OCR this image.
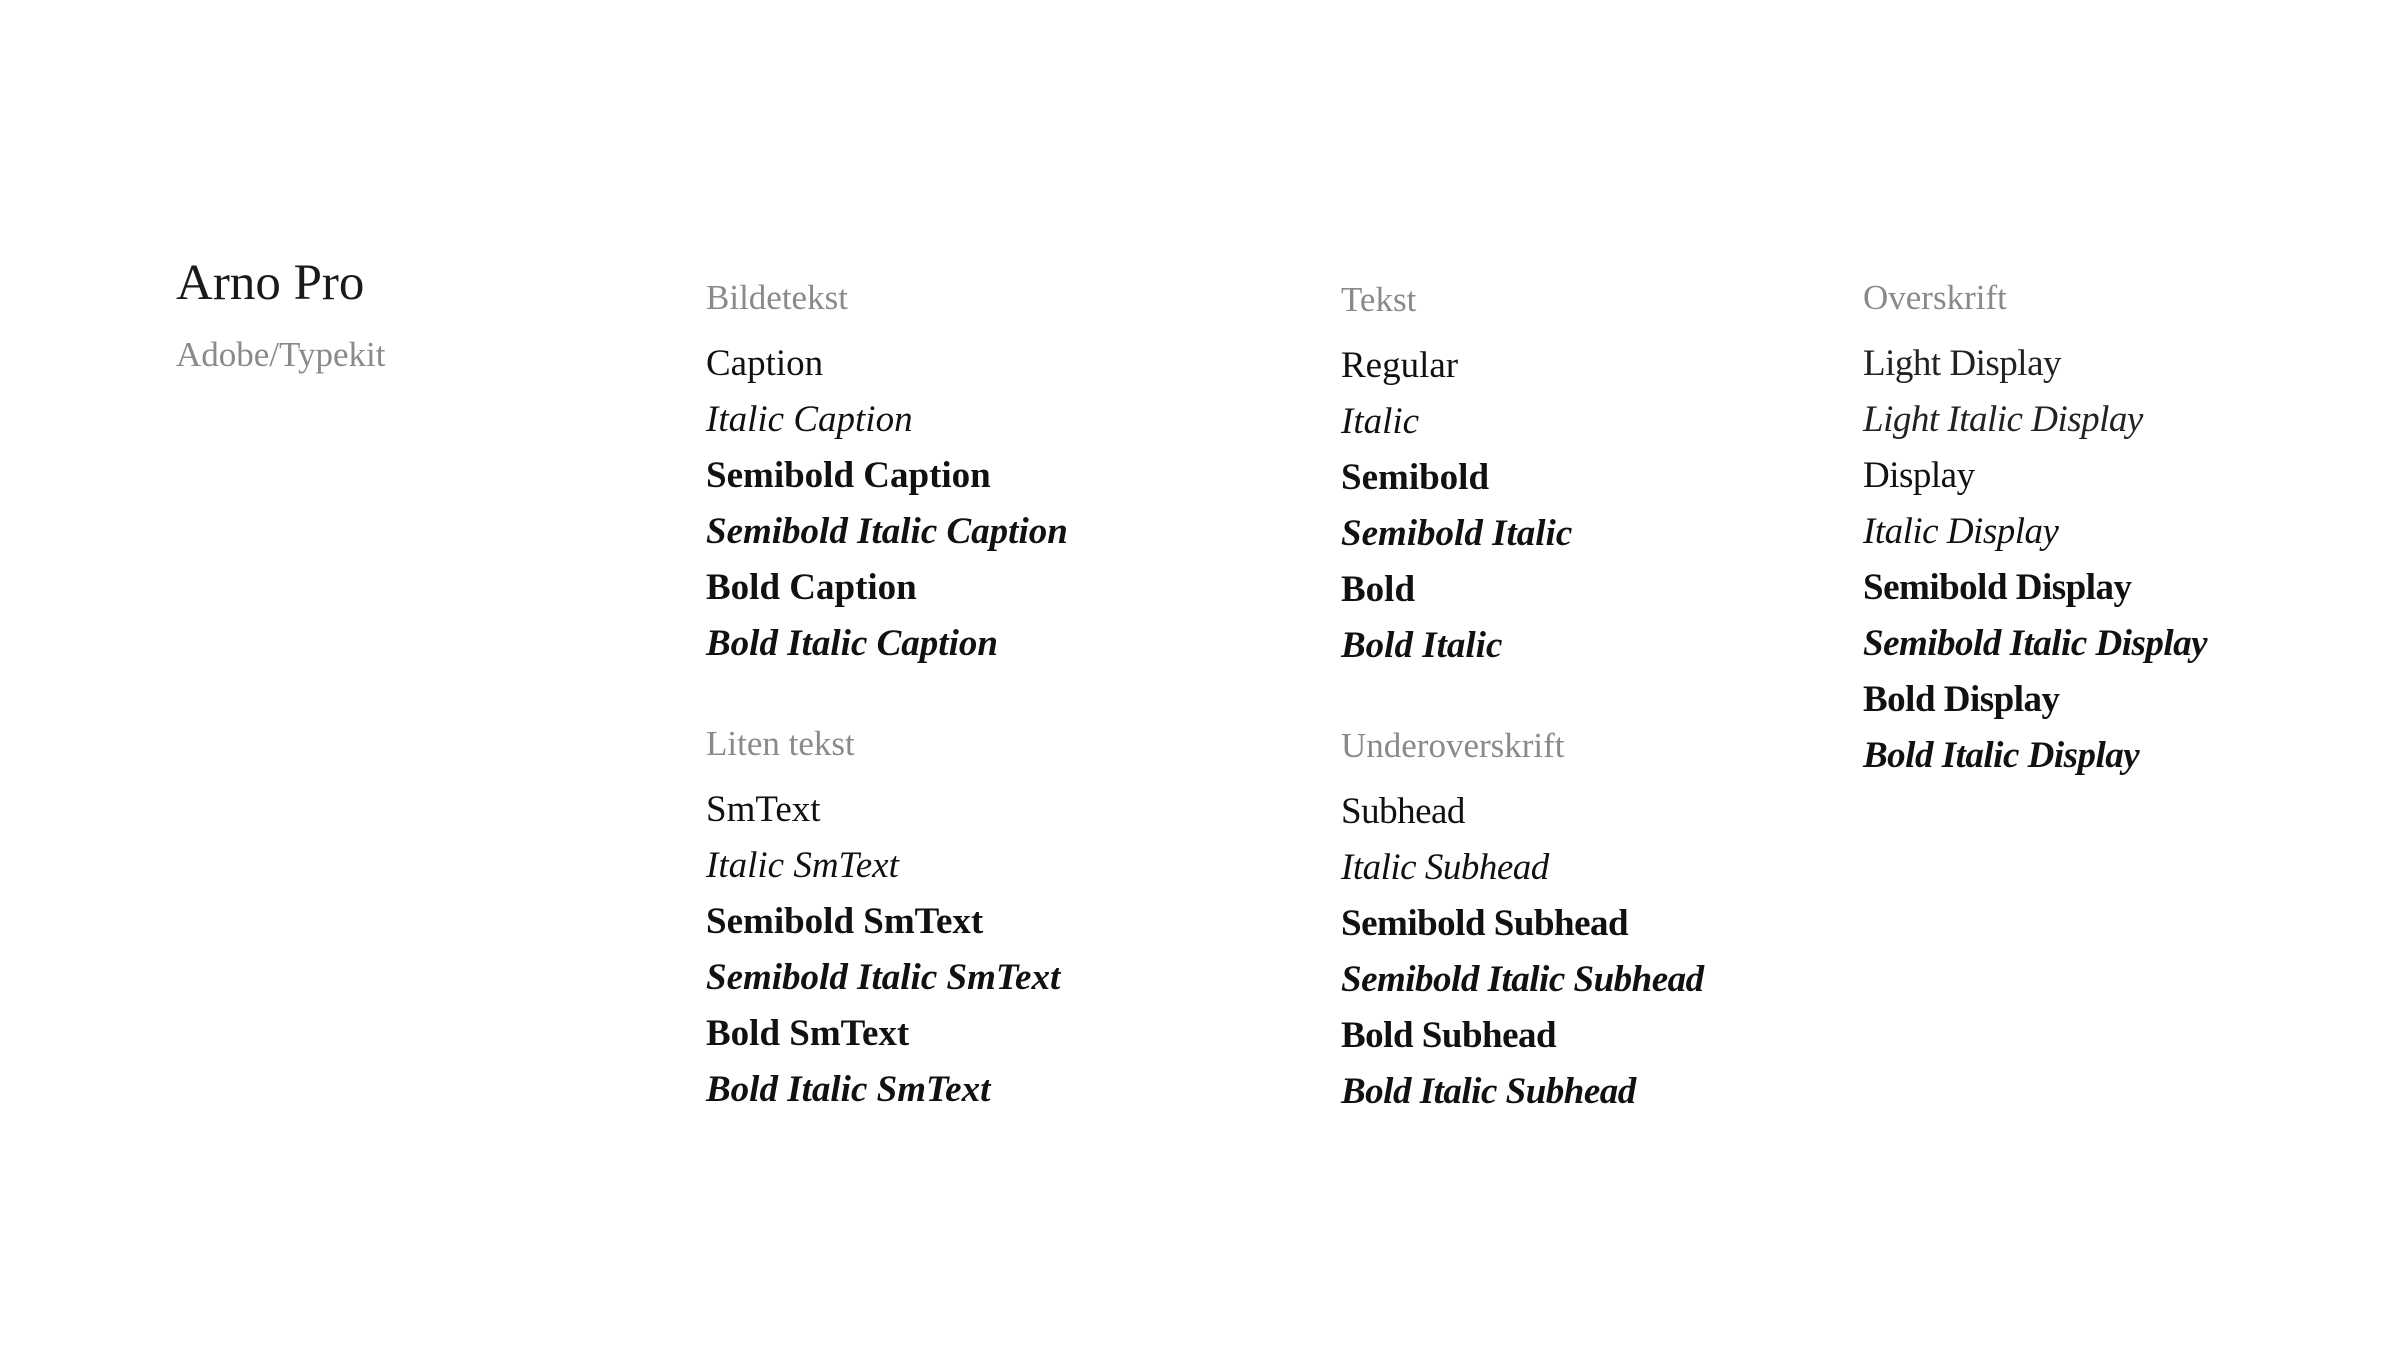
Arno Pro
Adobe/Typekit
Bildetekst
Caption
Italic Caption
Semibold Caption
Semibold Italic Caption
Bold Caption
Bold Italic Caption
Liten tekst
SmText
Italic SmText
Semibold SmText
Semibold Italic SmText
Bold SmText
Bold Italic SmText
Tekst
Regular
Italic
Semibold
Semibold Italic
Bold
Bold Italic
Underoverskrift
Subhead
Italic Subhead
Semibold Subhead
Semibold Italic Subhead
Bold Subhead
Bold Italic Subhead
Overskrift
Light Display
Light Italic Display
Display
Italic Display
Semibold Display
Semibold Italic Display
Bold Display
Bold Italic Display
